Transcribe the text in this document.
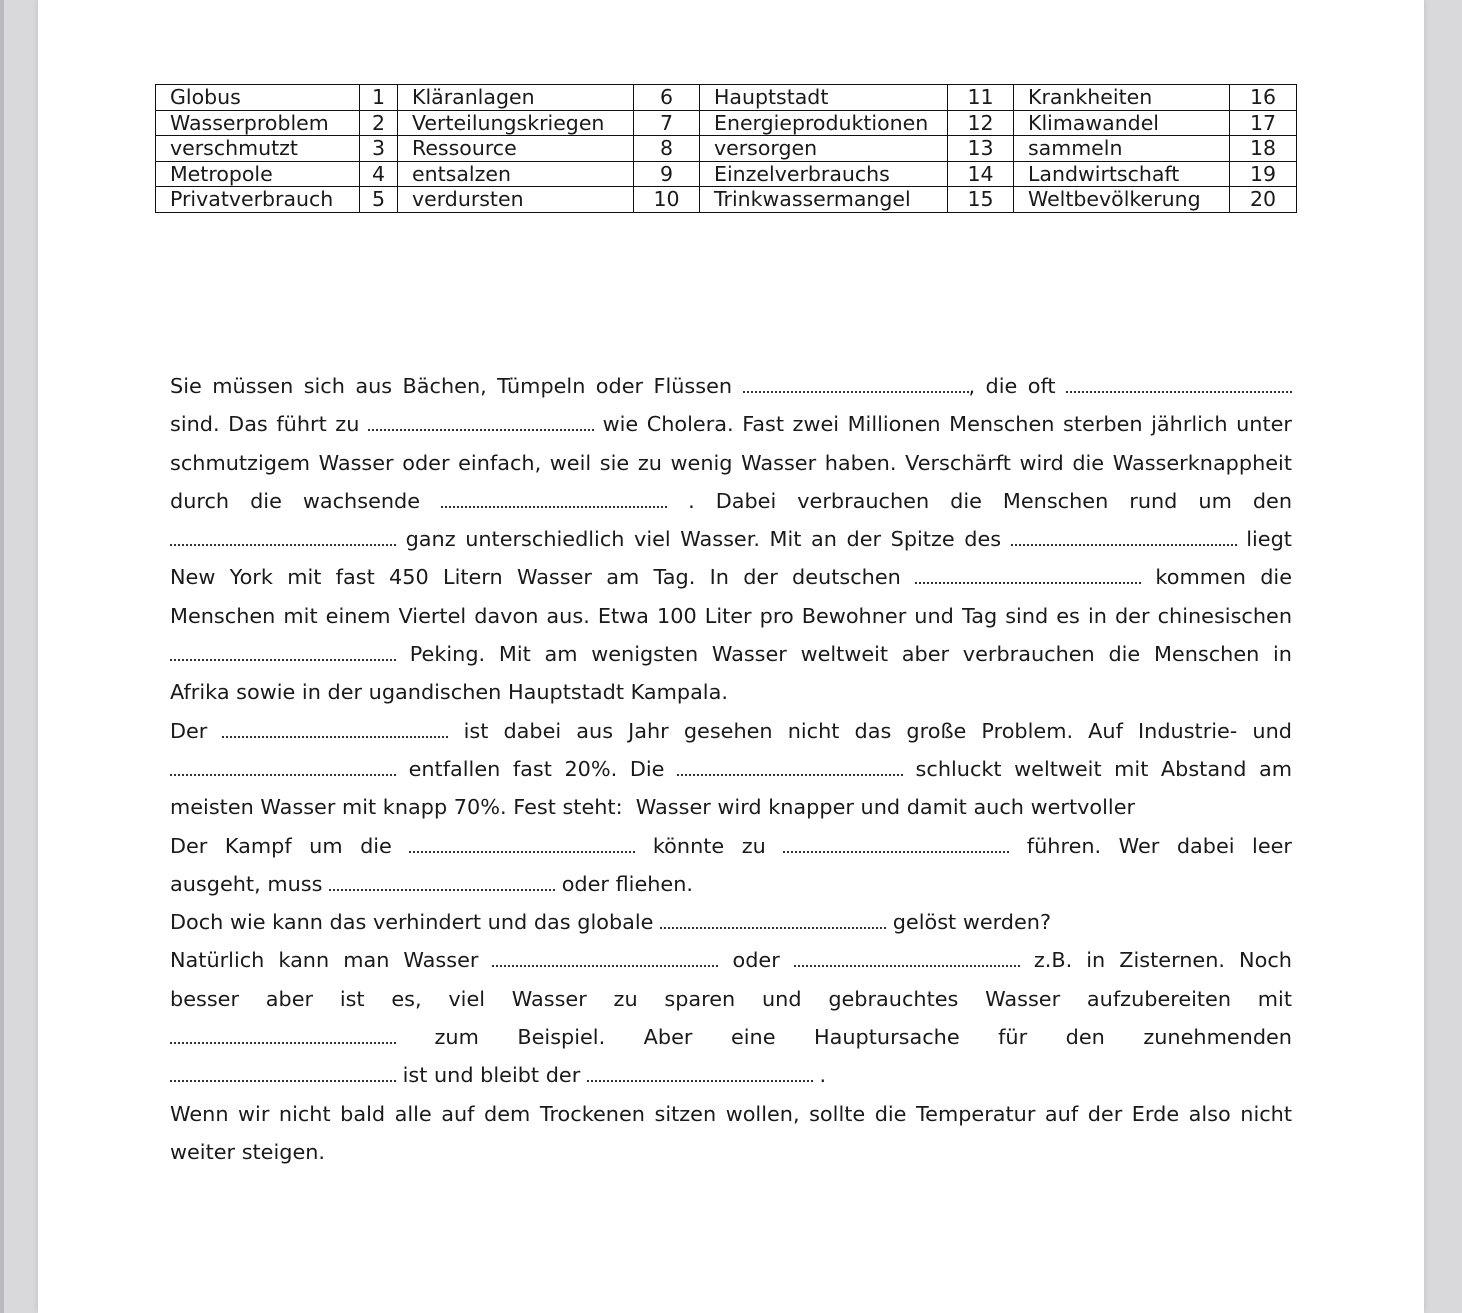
Globus	1	Kläranlagen	6	Hauptstadt	11	Krankheiten	16
Wasserproblem	2	Verteilungskriegen	7	Energieproduktionen	12	Klimawandel	17
verschmutzt	3	Ressource	8	versorgen	13	sammeln	18
Metropole	4	entsalzen	9	Einzelverbrauchs	14	Landwirtschaft	19
Privatverbrauch	5	verdursten	10	Trinkwassermangel	15	Weltbevölkerung	20
Sie müssen sich aus Bächen, Tümpeln oder Flüssen	, die oft
sind. Das führt zu	wie Cholera. Fast zwei Millionen Menschen sterben jährlich unter
schmutzigem Wasser oder einfach, weil sie zu wenig Wasser haben. Verschärft wird die Wasserknappheit
durch die wachsende	. Dabei verbrauchen die Menschen rund um den
ganz unterschiedlich viel Wasser. Mit an der Spitze des	liegt
New York mit fast 450 Litern Wasser am Tag. In der deutschen	kommen die
Menschen mit einem Viertel davon aus. Etwa 100 Liter pro Bewohner und Tag sind es in der chinesischen
Peking. Mit am wenigsten Wasser weltweit aber verbrauchen die Menschen in
Afrika sowie in der ugandischen Hauptstadt Kampala.
Der	ist dabei aus Jahr gesehen nicht das große Problem. Auf Industrie- und
entfallen fast 20%. Die	schluckt weltweit mit Abstand am
meisten Wasser mit knapp 70%. Fest steht:  Wasser wird knapper und damit auch wertvoller
Der Kampf um die	könnte zu	führen. Wer dabei leer
ausgeht, muss	oder fliehen.
Doch wie kann das verhindert und das globale	gelöst werden?
Natürlich kann man Wasser	oder	z.B. in Zisternen. Noch
besser aber ist es, viel Wasser zu sparen und gebrauchtes Wasser aufzubereiten mit
zum Beispiel. Aber eine Hauptursache für den zunehmenden
ist und bleibt der	.
Wenn wir nicht bald alle auf dem Trockenen sitzen wollen, sollte die Temperatur auf der Erde also nicht
weiter steigen.
